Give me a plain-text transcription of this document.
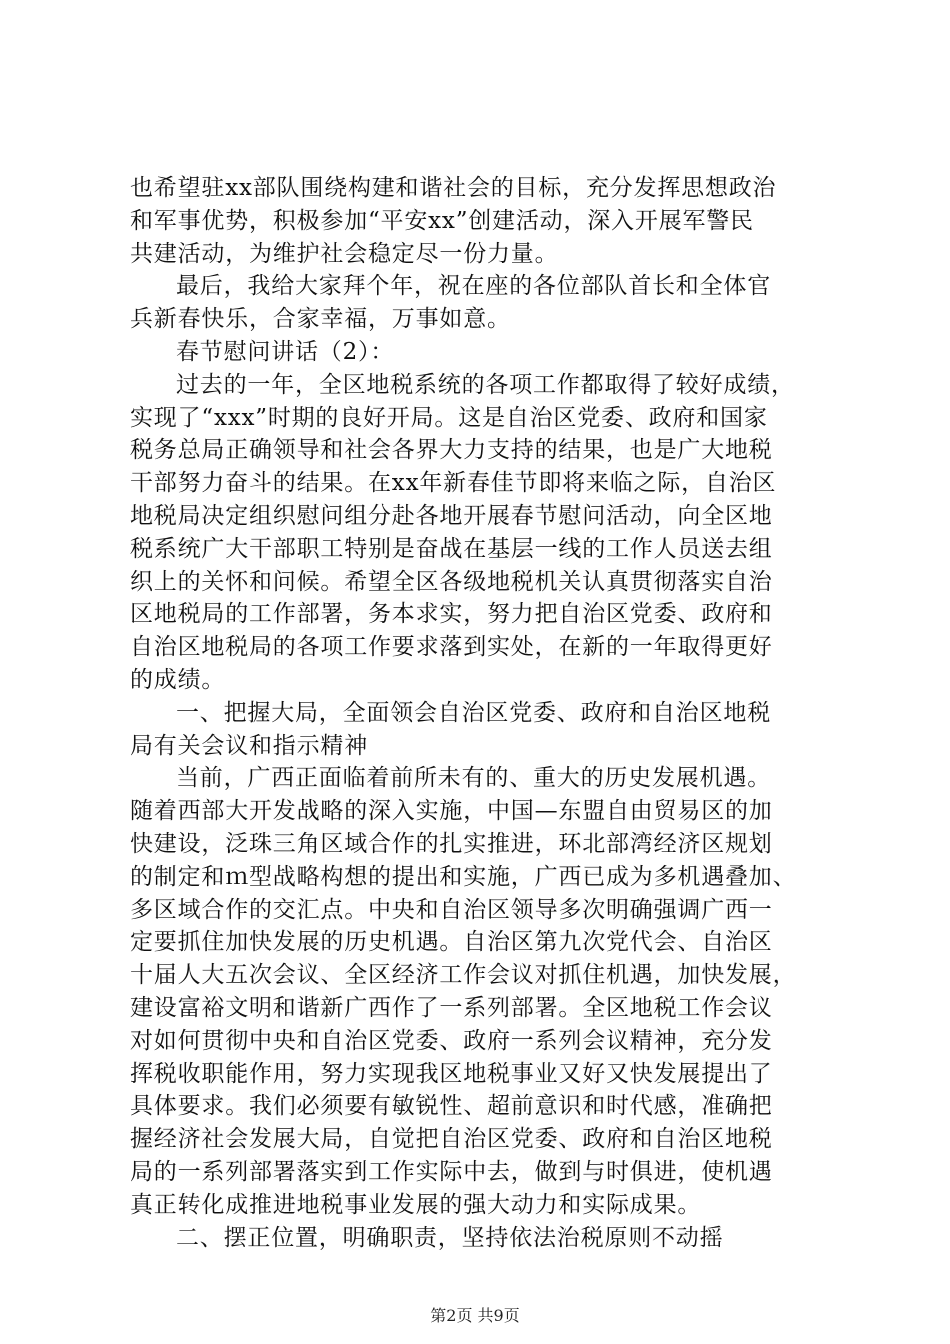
也希望驻xx部队围绕构建和谐社会的目标，充分发挥思想政治
和军事优势，积极参加“平安xx”创建活动，深入开展军警民
共建活动，为维护社会稳定尽一份力量。
最后，我给大家拜个年，祝在座的各位部队首长和全体官
兵新春快乐，合家幸福，万事如意。
春节慰问讲话（2）：
过去的一年，全区地税系统的各项工作都取得了较好成绩，
实现了“xxx”时期的良好开局。这是自治区党委、政府和国家
税务总局正确领导和社会各界大力支持的结果，也是广大地税
干部努力奋斗的结果。在xx年新春佳节即将来临之际，自治区
地税局决定组织慰问组分赴各地开展春节慰问活动，向全区地
税系统广大干部职工特别是奋战在基层一线的工作人员送去组
织上的关怀和问候。希望全区各级地税机关认真贯彻落实自治
区地税局的工作部署，务本求实，努力把自治区党委、政府和
自治区地税局的各项工作要求落到实处，在新的一年取得更好
的成绩。
一、把握大局，全面领会自治区党委、政府和自治区地税
局有关会议和指示精神
当前，广西正面临着前所未有的、重大的历史发展机遇。
随着西部大开发战略的深入实施，中国—东盟自由贸易区的加
快建设，泛珠三角区域合作的扎实推进，环北部湾经济区规划
的制定和ｍ型战略构想的提出和实施，广西已成为多机遇叠加、
多区域合作的交汇点。中央和自治区领导多次明确强调广西一
定要抓住加快发展的历史机遇。自治区第九次党代会、自治区
十届人大五次会议、全区经济工作会议对抓住机遇，加快发展，
建设富裕文明和谐新广西作了一系列部署。全区地税工作会议
对如何贯彻中央和自治区党委、政府一系列会议精神，充分发
挥税收职能作用，努力实现我区地税事业又好又快发展提出了
具体要求。我们必须要有敏锐性、超前意识和时代感，准确把
握经济社会发展大局，自觉把自治区党委、政府和自治区地税
局的一系列部署落实到工作实际中去，做到与时俱进，使机遇
真正转化成推进地税事业发展的强大动力和实际成果。
二、摆正位置，明确职责，坚持依法治税原则不动摇
第2页 共9页
